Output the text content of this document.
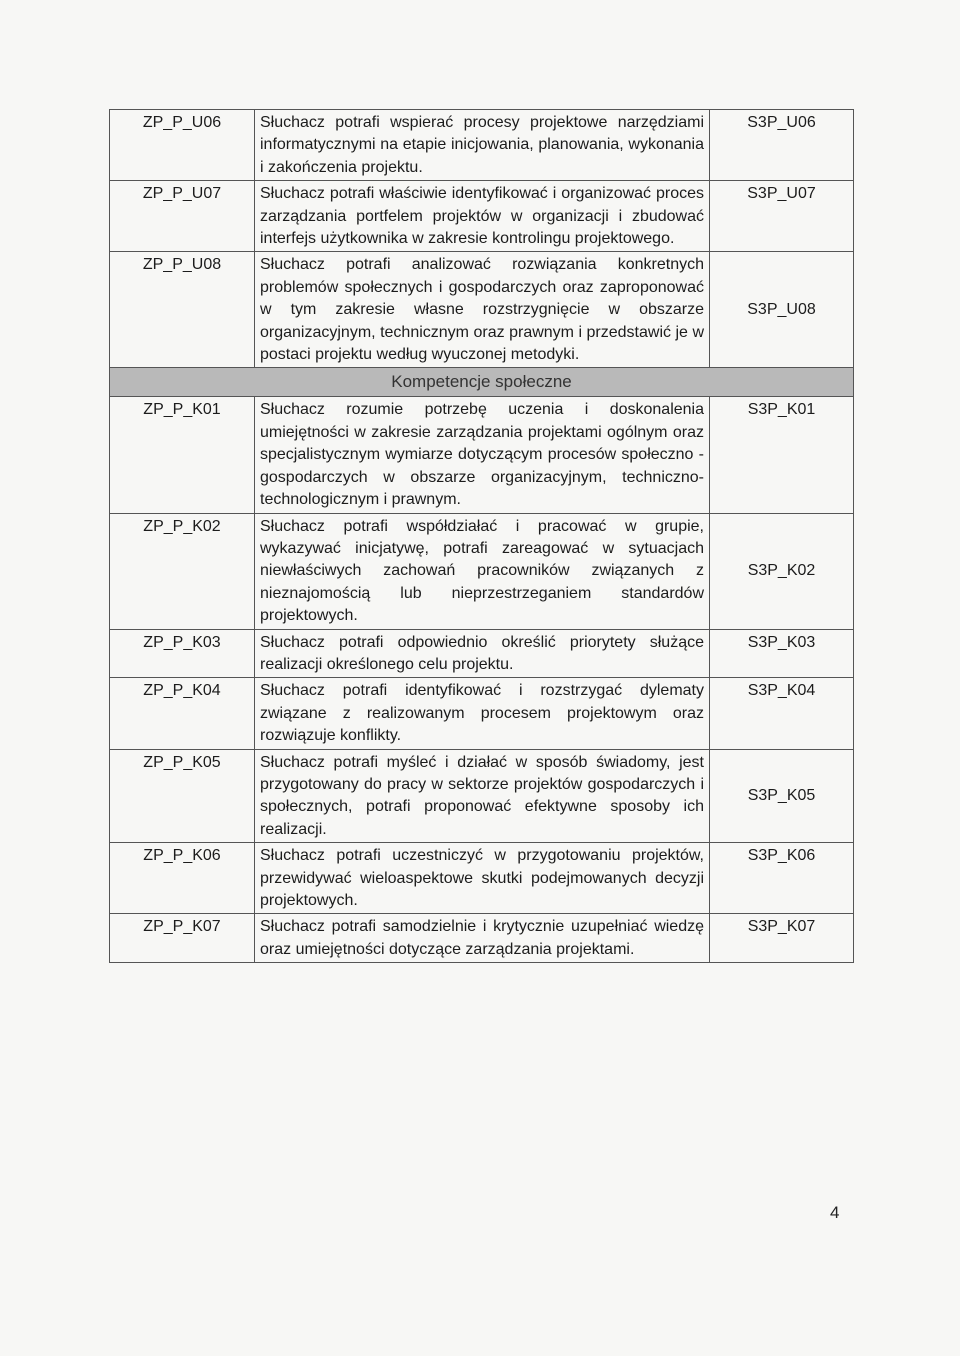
ZP_P_U06	Słuchacz potrafi wspierać procesy projektowe narzędziami informatycznymi na etapie inicjowania, planowania, wykonania i zakończenia projektu.	S3P_U06
ZP_P_U07	Słuchacz potrafi właściwie identyfikować i organizować proces zarządzania portfelem projektów w organizacji i zbudować interfejs użytkownika w zakresie kontrolingu projektowego.	S3P_U07
ZP_P_U08	Słuchacz potrafi analizować rozwiązania konkretnych problemów społecznych i gospodarczych oraz zaproponować w tym zakresie własne rozstrzygnięcie w obszarze organizacyjnym, technicznym oraz prawnym i przedstawić je w postaci projektu według wyuczonej metodyki.	S3P_U08
Kompetencje społeczne		
ZP_P_K01	Słuchacz rozumie potrzebę uczenia i doskonalenia umiejętności w zakresie zarządzania projektami ogólnym oraz specjalistycznym wymiarze dotyczącym procesów społeczno - gospodarczych w obszarze organizacyjnym, techniczno-technologicznym i prawnym.	S3P_K01
ZP_P_K02	Słuchacz potrafi współdziałać i pracować w grupie, wykazywać inicjatywę, potrafi zareagować w sytuacjach niewłaściwych zachowań pracowników związanych z nieznajomością lub nieprzestrzeganiem standardów projektowych.	S3P_K02
ZP_P_K03	Słuchacz potrafi odpowiednio określić priorytety służące realizacji określonego celu projektu.	S3P_K03
ZP_P_K04	Słuchacz potrafi identyfikować i rozstrzygać dylematy związane z realizowanym procesem projektowym oraz rozwiązuje konflikty.	S3P_K04
ZP_P_K05	Słuchacz potrafi myśleć i działać w sposób świadomy, jest przygotowany do pracy w sektorze projektów gospodarczych i społecznych, potrafi proponować efektywne sposoby ich realizacji.	S3P_K05
ZP_P_K06	Słuchacz potrafi uczestniczyć w przygotowaniu projektów, przewidywać wieloaspektowe skutki podejmowanych decyzji projektowych.	S3P_K06
ZP_P_K07	Słuchacz potrafi samodzielnie i krytycznie uzupełniać wiedzę oraz umiejętności dotyczące zarządzania projektami.	S3P_K07
4
